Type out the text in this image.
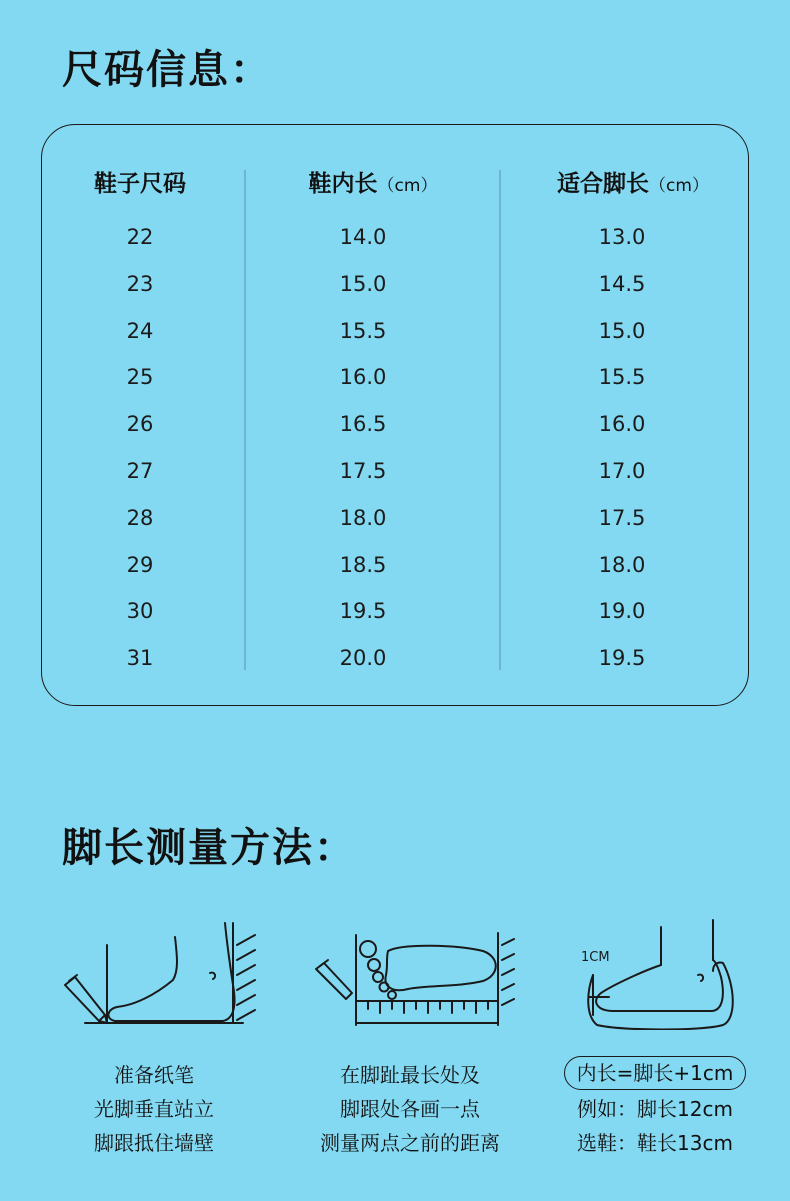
尺码信息：
鞋子尺码	鞋内长（cm）	适合脚长（cm）
22	14.0	13.0
23	15.0	14.5
24	15.5	15.0
25	16.0	15.5
26	16.5	16.0
27	17.5	17.0
28	18.0	17.5
29	18.5	18.0
30	19.5	19.0
31	20.0	19.5
脚长测量方法：
准备纸笔
光脚垂直站立
脚跟抵住墙壁
在脚趾最长处及
脚跟处各画一点
测量两点之前的距离
1CM
内长=脚长+1cm
例如：脚长12cm
选鞋：鞋长13cm
